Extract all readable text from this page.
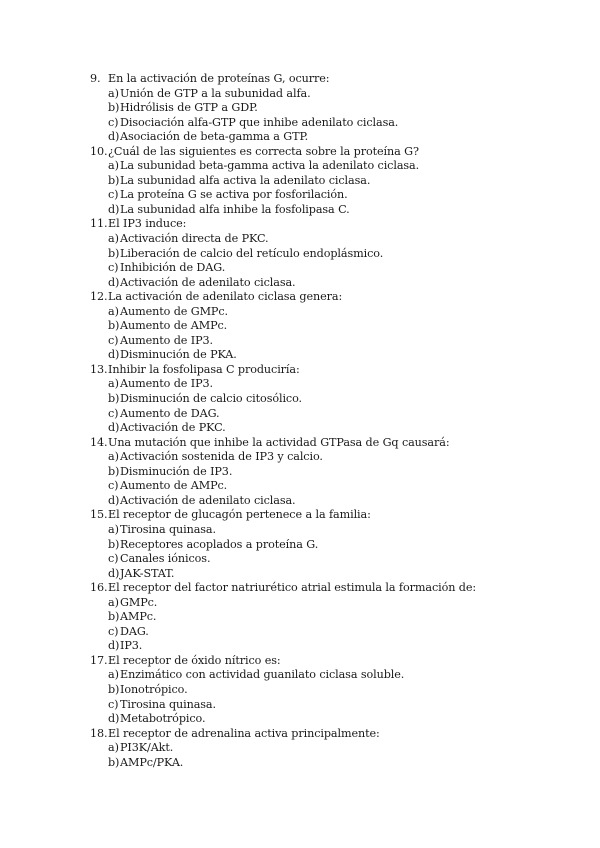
9. En la activación de proteínas G, ocurre:
a) Unión de GTP a la subunidad alfa.
b) Hidrólisis de GTP a GDP.
c) Disociación alfa-GTP que inhibe adenilato ciclasa.
d) Asociación de beta-gamma a GTP.
10. ¿Cuál de las siguientes es correcta sobre la proteína G?
a) La subunidad beta-gamma activa la adenilato ciclasa.
b) La subunidad alfa activa la adenilato ciclasa.
c) La proteína G se activa por fosforilación.
d) La subunidad alfa inhibe la fosfolipasa C.
11. El IP3 induce:
a) Activación directa de PKC.
b) Liberación de calcio del retículo endoplásmico.
c) Inhibición de DAG.
d) Activación de adenilato ciclasa.
12. La activación de adenilato ciclasa genera:
a) Aumento de GMPc.
b) Aumento de AMPc.
c) Aumento de IP3.
d) Disminución de PKA.
13. Inhibir la fosfolipasa C produciría:
a) Aumento de IP3.
b) Disminución de calcio citosólico.
c) Aumento de DAG.
d) Activación de PKC.
14. Una mutación que inhibe la actividad GTPasa de Gq causará:
a) Activación sostenida de IP3 y calcio.
b) Disminución de IP3.
c) Aumento de AMPc.
d) Activación de adenilato ciclasa.
15. El receptor de glucagón pertenece a la familia:
a) Tirosina quinasa.
b) Receptores acoplados a proteína G.
c) Canales iónicos.
d) JAK-STAT.
16. El receptor del factor natriurético atrial estimula la formación de:
a) GMPc.
b) AMPc.
c) DAG.
d) IP3.
17. El receptor de óxido nítrico es:
a) Enzimático con actividad guanilato ciclasa soluble.
b) Ionotrópico.
c) Tirosina quinasa.
d) Metabotrópico.
18. El receptor de adrenalina activa principalmente:
a) PI3K/Akt.
b) AMPc/PKA.
